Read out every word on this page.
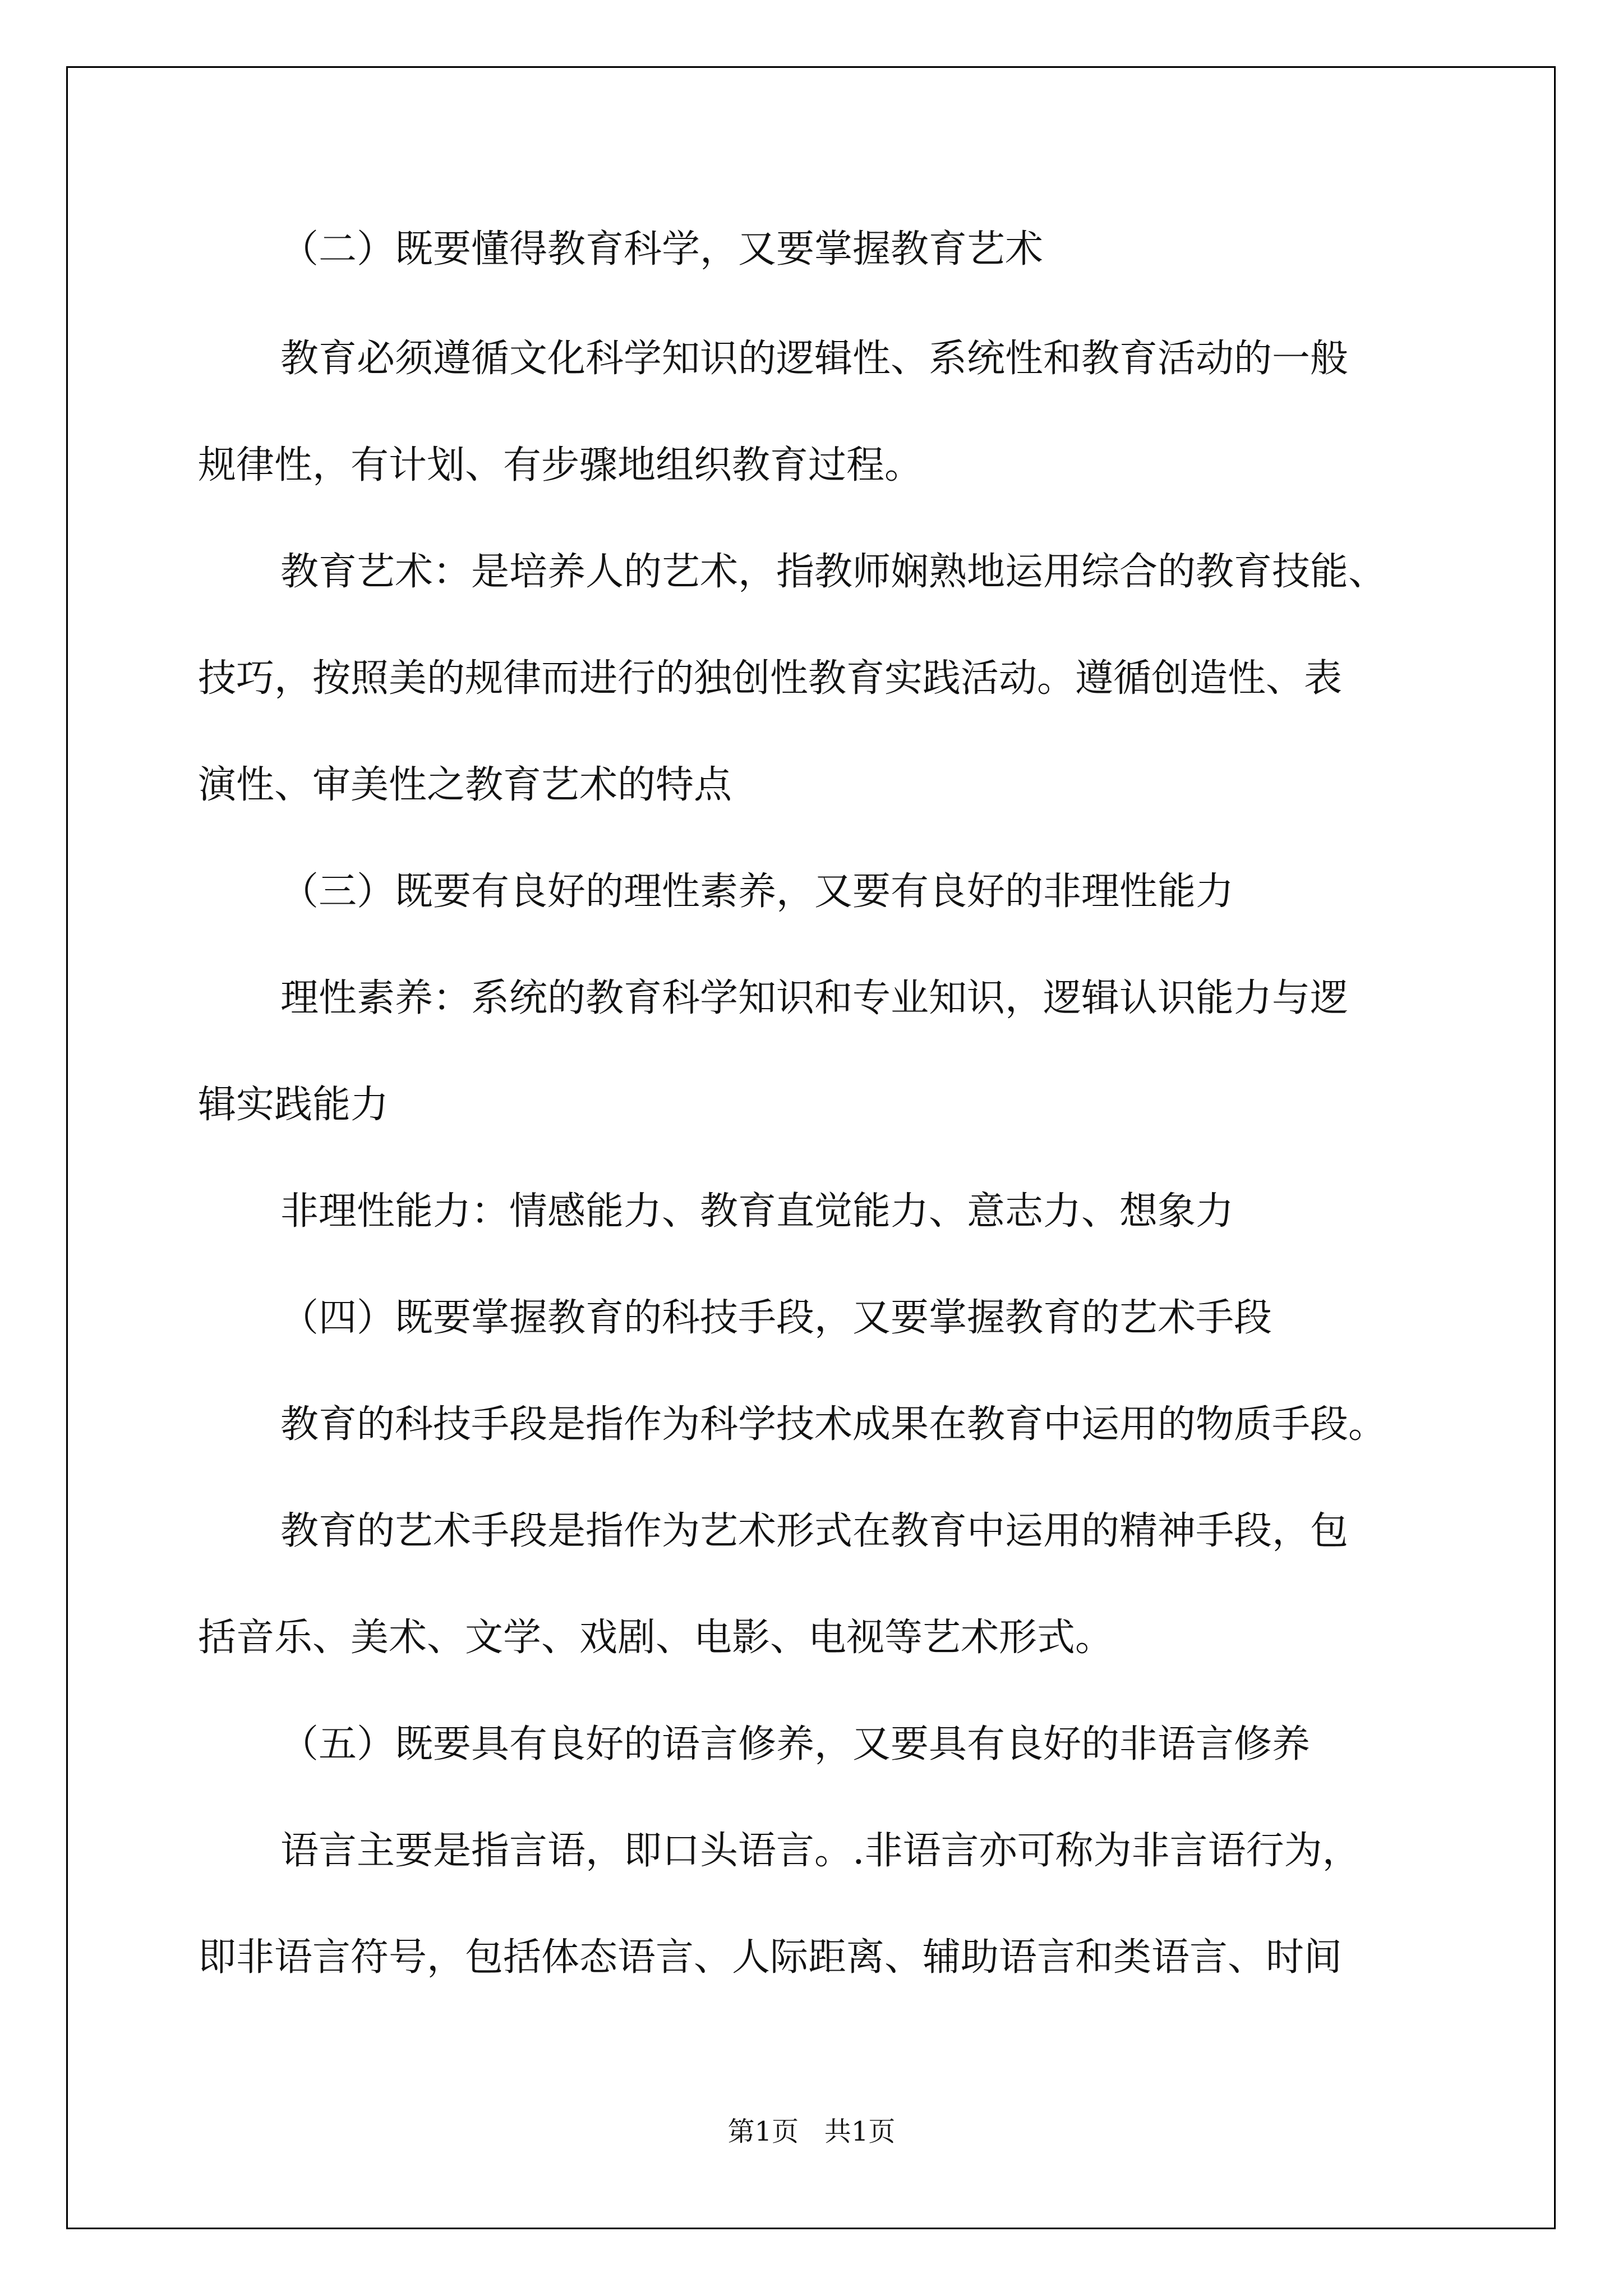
（二）既要懂得教育科学，又要掌握教育艺术

教育必须遵循文化科学知识的逻辑性、系统性和教育活动的一般

规律性，有计划、有步骤地组织教育过程。

教育艺术：是培养人的艺术，指教师娴熟地运用综合的教育技能、

技巧，按照美的规律而进行的独创性教育实践活动。遵循创造性、表

演性、审美性之教育艺术的特点

（三）既要有良好的理性素养，又要有良好的非理性能力

理性素养：系统的教育科学知识和专业知识，逻辑认识能力与逻

辑实践能力

非理性能力：情感能力、教育直觉能力、意志力、想象力

（四）既要掌握教育的科技手段，又要掌握教育的艺术手段

教育的科技手段是指作为科学技术成果在教育中运用的物质手段。

教育的艺术手段是指作为艺术形式在教育中运用的精神手段，包

括音乐、美术、文学、戏剧、电影、电视等艺术形式。

（五）既要具有良好的语言修养，又要具有良好的非语言修养

语言主要是指言语，即口头语言。.非语言亦可称为非言语行为，

即非语言符号，包括体态语言、人际距离、辅助语言和类语言、时间

第1页   共1页
